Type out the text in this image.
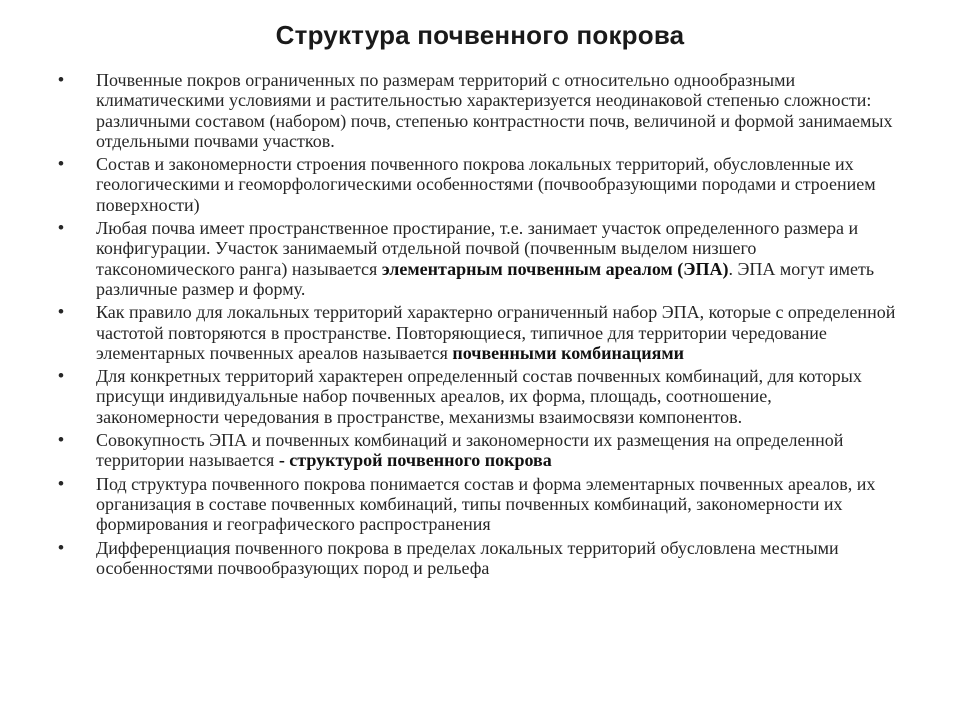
Структура почвенного покрова
• Почвенные покров ограниченных по размерам территорий с относительно однообразными климатическими условиями и растительностью характеризуется неодинаковой степенью сложности: различными составом (набором) почв, степенью контрастности почв, величиной и формой занимаемых отдельными почвами участков.
• Состав и закономерности строения почвенного покрова локальных территорий, обусловленные их геологическими и геоморфологическими особенностями (почвообразующими породами и строением поверхности)
• Любая почва имеет пространственное простирание, т.е. занимает участок определенного размера и конфигурации. Участок занимаемый отдельной почвой (почвенным выделом низшего таксономического ранга) называется элементарным почвенным ареалом (ЭПА). ЭПА могут иметь различные размер и форму.
• Как правило для локальных территорий характерно ограниченный набор ЭПА, которые с определенной частотой повторяются в пространстве. Повторяющиеся, типичное для территории чередование элементарных почвенных ареалов называется почвенными комбинациями
• Для конкретных территорий характерен определенный состав почвенных комбинаций, для которых присущи индивидуальные набор почвенных ареалов, их форма, площадь, соотношение, закономерности чередования в пространстве, механизмы взаимосвязи компонентов.
• Совокупность ЭПА и почвенных комбинаций и закономерности их размещения на определенной территории называется - структурой почвенного покрова
• Под структура почвенного покрова понимается состав и форма элементарных почвенных ареалов, их организация в составе почвенных комбинаций, типы почвенных комбинаций, закономерности их формирования и географического распространения
• Дифференциация почвенного покрова в пределах локальных территорий обусловлена местными особенностями почвообразующих пород и рельефа
